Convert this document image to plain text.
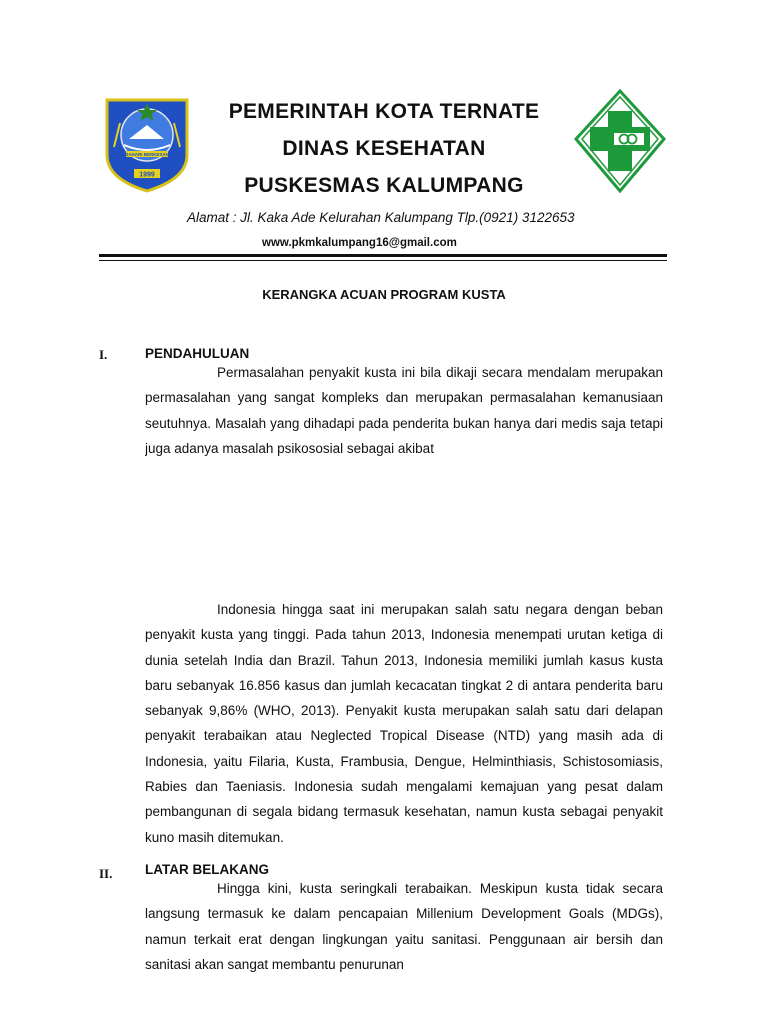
BAHARI BERKESAN
1999
PEMERINTAH KOTA TERNATE
DINAS KESEHATAN
PUSKESMAS KALUMPANG
Alamat : Jl. Kaka Ade Kelurahan Kalumpang Tlp.(0921) 3122653
www.pkmkalumpang16@gmail.com
KERANGKA ACUAN PROGRAM KUSTA
I.	PENDAHULUAN

Permasalahan penyakit kusta ini bila dikaji secara mendalam merupakan permasalahan yang sangat kompleks dan merupakan permasalahan kemanusiaan seutuhnya. Masalah yang dihadapi pada penderita bukan hanya dari medis saja tetapi juga adanya masalah psikososial sebagai akibat

Indonesia hingga saat ini merupakan salah satu negara dengan beban penyakit kusta yang tinggi. Pada tahun 2013, Indonesia menempati urutan ketiga di dunia setelah India dan Brazil. Tahun 2013, Indonesia memiliki jumlah kasus kusta baru sebanyak 16.856 kasus dan jumlah kecacatan tingkat 2 di antara penderita baru sebanyak 9,86% (WHO, 2013). Penyakit kusta merupakan salah satu dari delapan penyakit terabaikan atau Neglected Tropical Disease (NTD) yang masih ada di Indonesia, yaitu Filaria, Kusta, Frambusia, Dengue, Helminthiasis, Schistosomiasis, Rabies dan Taeniasis. Indonesia sudah mengalami kemajuan yang pesat dalam pembangunan di segala bidang termasuk kesehatan, namun kusta sebagai penyakit kuno masih ditemukan.

II. LATAR BELAKANG

Hingga kini, kusta seringkali terabaikan. Meskipun kusta tidak secara langsung termasuk ke dalam pencapaian Millenium Development Goals (MDGs), namun terkait erat dengan lingkungan yaitu sanitasi. Penggunaan air bersih dan sanitasi akan sangat membantu penurunan
